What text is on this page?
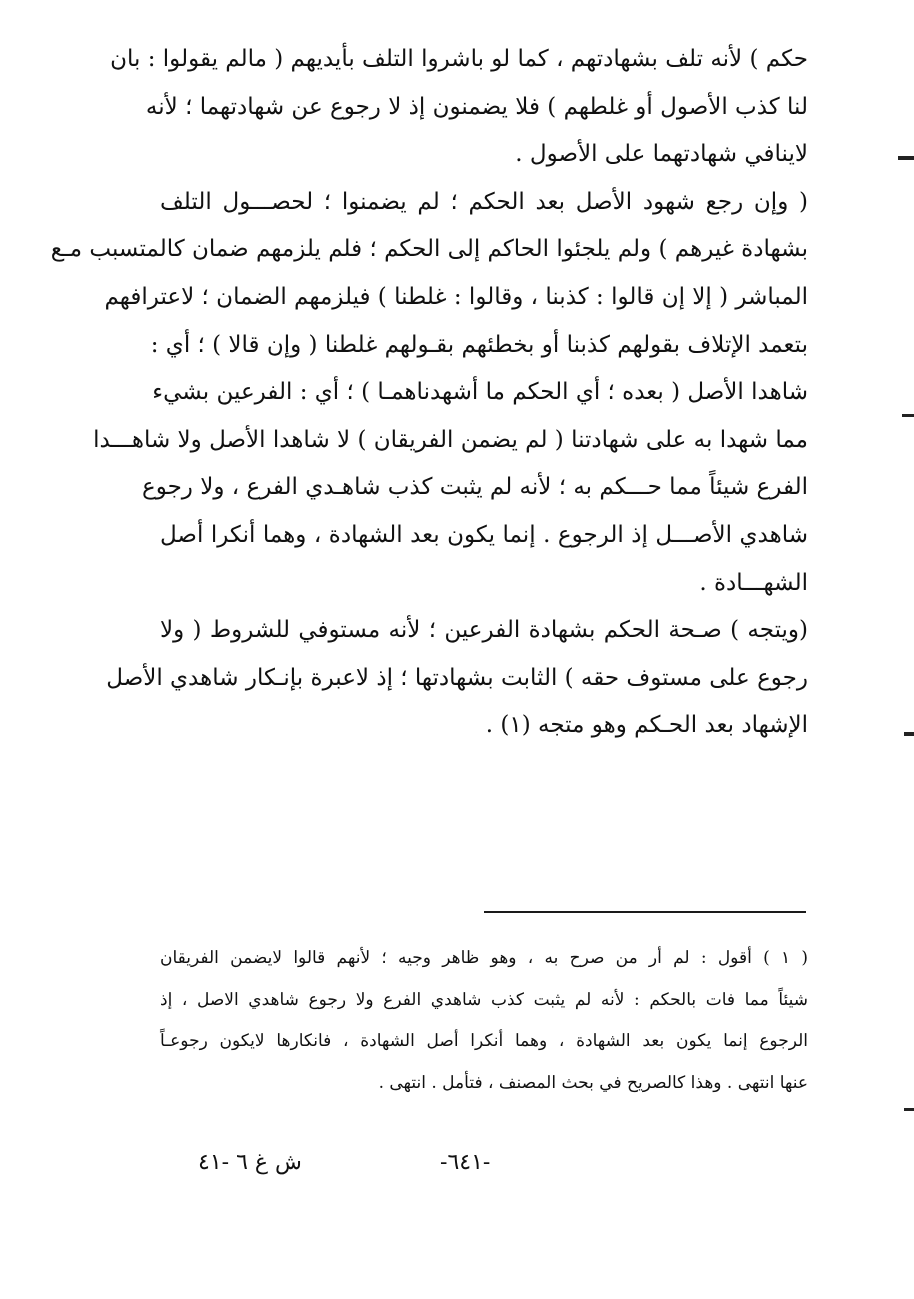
حكم ) لأنه تلف بشهادتهم ، كما لو باشروا التلف بأيديهم ( مالم يقولوا : بان
لنا كذب الأصول أو غلطهم ) فلا يضمنون إذ لا رجوع عن شهادتهما ؛ لأنه
لاينافي شهادتهما على الأصول .
( وإن رجع شهود الأصل بعد الحكم ؛ لم يضمنوا ؛ لحصـــول التلف
بشهادة غيرهم ) ولم يلجئوا الحاكم إلى الحكم ؛ فلم يلزمهم ضمان كالمتسبب مـع
المباشر ( إلا إن قالوا : كذبنا ، وقالوا : غلطنا ) فيلزمهم الضمان ؛ لاعترافهم
بتعمد الإتلاف بقولهم كذبنا أو بخطئهم بقـولهم غلطنا ( وإن قالا ) ؛ أي :
شاهدا الأصل ( بعده ؛ أي الحكم ما أشهدناهمـا ) ؛ أي : الفرعين بشيء
مما شهدا به على شهادتنا ( لم يضمن الفريقان ) لا شاهدا الأصل ولا شاهـــدا
الفرع شيئاً مما حـــكم به ؛ لأنه لم يثبت كذب شاهـدي الفرع ، ولا رجوع
شاهدي الأصـــل إذ الرجوع . إنما يكون بعد الشهادة ، وهما أنكرا أصل
الشهـــادة .
(ويتجه ) صـحة الحكم بشهادة الفرعين ؛ لأنه مستوفي للشروط ( ولا
رجوع على مستوف حقه ) الثابت بشهادتها ؛ إذ لاعبرة بإنـكار شاهدي الأصل
الإشهاد بعد الحـكم وهو متجه (١) .
( ١ ) أقول : لم أر من صرح به ، وهو ظاهر وجيه ؛ لأنهم قالوا لايضمن الفريقان
شيئاً مما فات بالحكم : لأنه لم يثبت كذب شاهدي الفرع ولا رجوع شاهدي الاصل ، إذ
الرجوع إنما يكون بعد الشهادة ، وهما أنكرا أصل الشهادة ، فانكارها لايكون رجوعـاً
عنها انتهى . وهذا كالصريح في بحث المصنف ، فتأمل . انتهى .
-٦٤١-
ش غ ٦ -٤١
